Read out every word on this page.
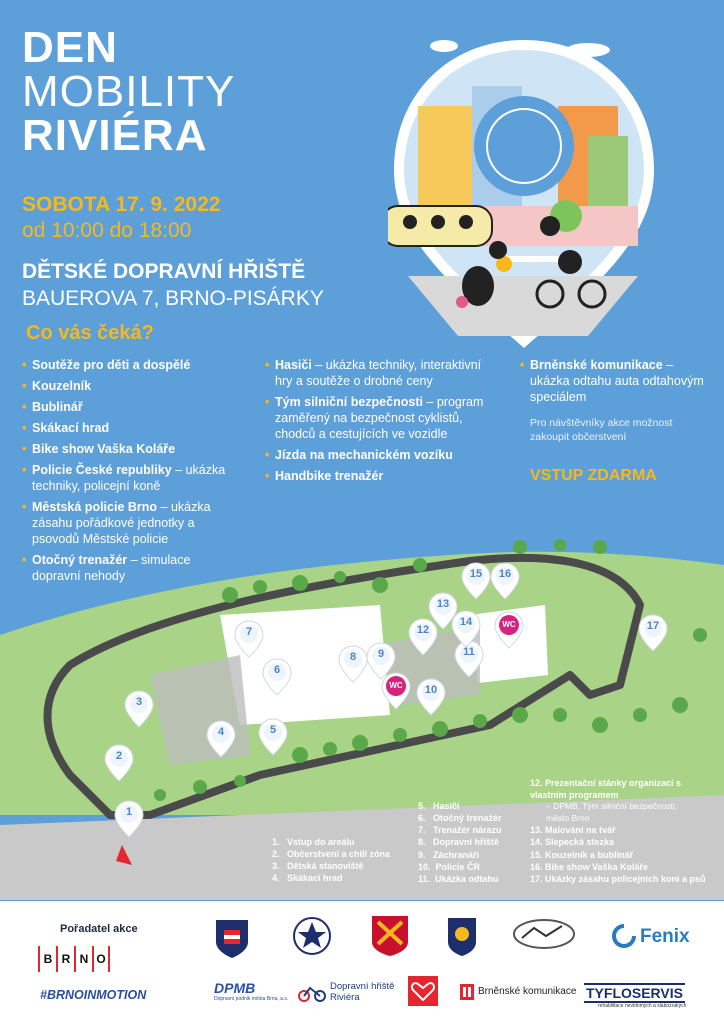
DEN
MOBILITY
RIVIÉRA
SOBOTA 17. 9. 2022
od 10:00 do 18:00
DĚTSKÉ DOPRAVNÍ HŘIŠTĚ
BAUEROVA 7, BRNO-PISÁRKY
Co vás čeká?
• Soutěže pro děti a dospělé
• Kouzelník
• Bublinář
• Skákací hrad
• Bike show Vaška Koláře
• Policie České republiky – ukázka techniky, policejní koně
• Městská policie Brno – ukázka zásahu pořádkové jednotky a psovodů Městské policie
• Otočný trenažér – simulace dopravní nehody
• Hasiči – ukázka techniky, interaktivní hry a soutěže o drobné ceny
• Tým silniční bezpečnosti – program zaměřený na bezpečnost cyklistů, chodců a cestujících ve vozidle
• Jízda na mechanickém vozíku
• Handbike trenažér
• Brněnské komunikace – ukázka odtahu auta odtahovým speciálem
Pro návštěvníky akce možnost zakoupit občerstvení
VSTUP ZDARMA
1
2
3
4	5
6
7
8	9
WC	10
11
12
13
14	WC
15	16
17
1.   Vstup do areálu
2.   Občerstvení a chill zóna
3.   Dětská stanoviště
4.   Skákací hrad
5.   Hasiči
6.   Otočný trenažér
7.   Trenažér nárazu
8.   Dopravní hřiště
9.   Záchranáři
10.  Policie ČR
11.  Ukázka odtahu
12. Prezentační stánky organizací s vlastním programem
– DPMB, Tým silniční bezpečnosti, město Brno
13. Malování na tvář
14. Slepecká stezka
15. Kouzelník a bublinář
16. Bike show Vaška Koláře
17. Ukázky zásahu policejních koní a psů
Pořadatel akce
B R N O
#BRNOINMOTION
Fenix
DPMB
Dopravní podnik města Brna, a.s.
Dopravní hřiště
Riviéra
Brněnské komunikace TYFLOSERVIS
rehabilitace nevidomých a slabozrakých
